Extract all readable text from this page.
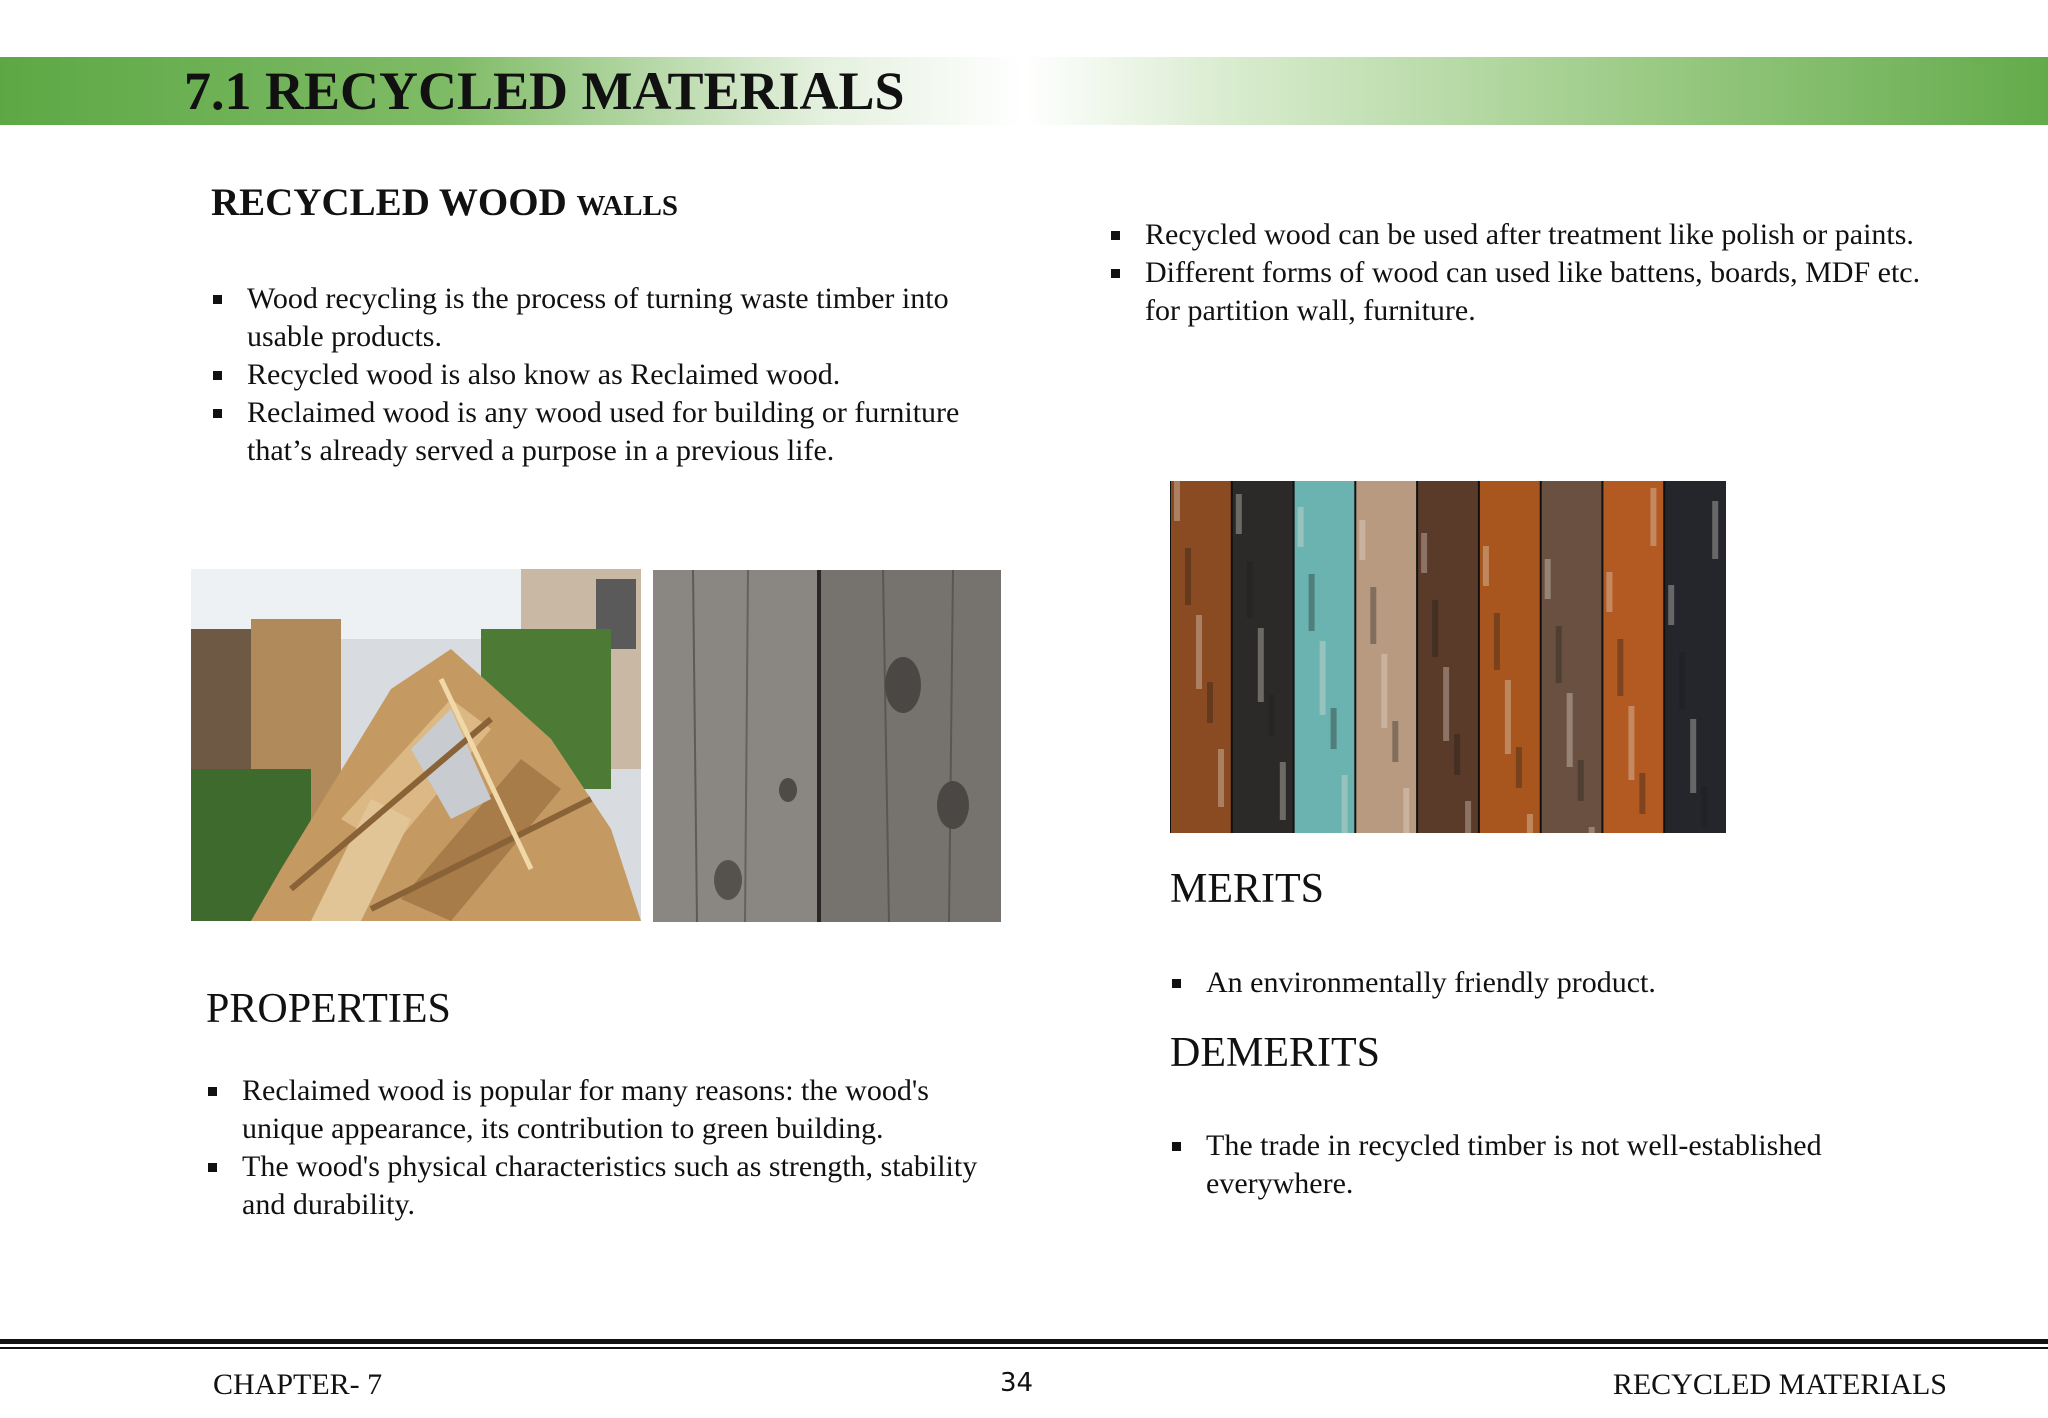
7.1 RECYCLED MATERIALS
RECYCLED WOOD WALLS
Wood recycling is the process of turning waste timber into usable products.
Recycled wood is also know as Reclaimed wood.
Reclaimed wood is any wood used for building or furniture that’s already served a purpose in a previous life.
Recycled wood can be used after treatment like polish or paints.
Different forms of wood can used like battens, boards, MDF etc. for partition wall, furniture.
PROPERTIES
Reclaimed wood is popular for many reasons: the wood's unique appearance, its contribution to green building.
The wood's physical characteristics such as strength, stability and durability.
MERITS
An environmentally friendly product.
DEMERITS
The trade in recycled timber is not well-established everywhere.
CHAPTER- 7	34	RECYCLED MATERIALS
